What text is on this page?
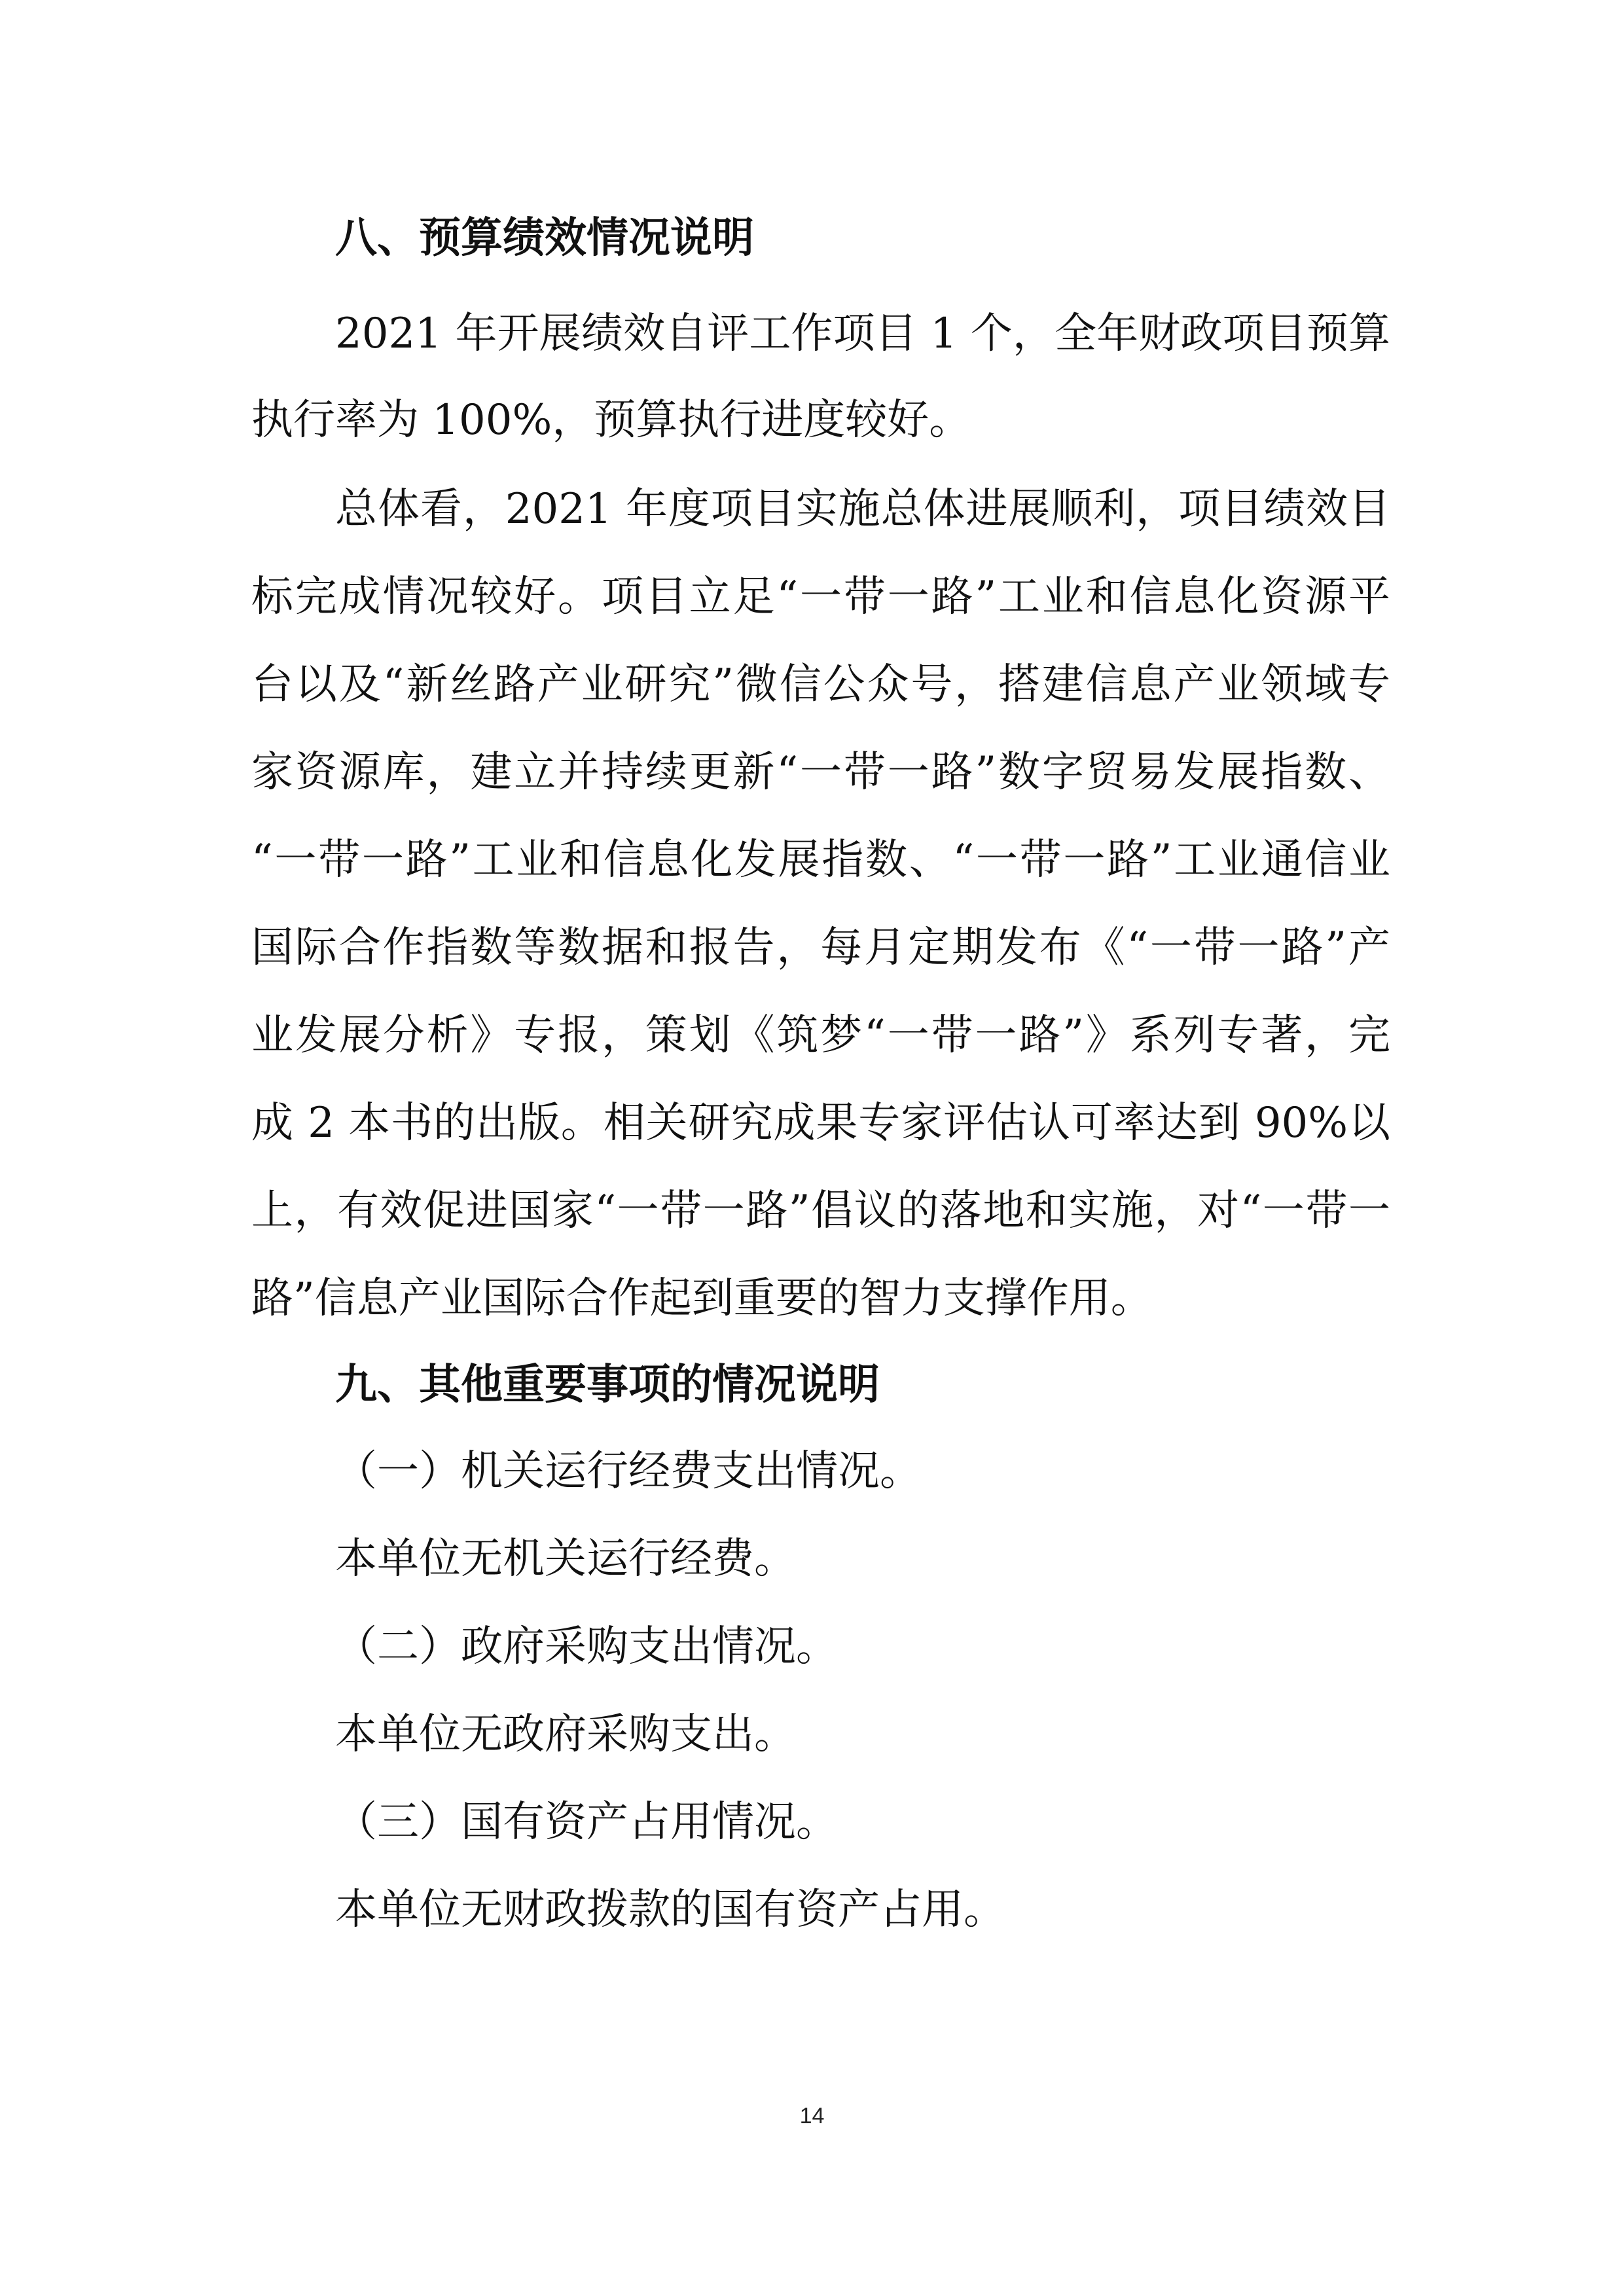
八、预算绩效情况说明
2021 年开展绩效自评工作项目 1 个，全年财政项目预算
执行率为 100%，预算执行进度较好。
总体看，2021 年度项目实施总体进展顺利，项目绩效目
标完成情况较好。项目立足“一带一路”工业和信息化资源平
台以及“新丝路产业研究”微信公众号，搭建信息产业领域专
家资源库，建立并持续更新“一带一路”数字贸易发展指数、
“一带一路”工业和信息化发展指数、“一带一路”工业通信业
国际合作指数等数据和报告，每月定期发布《“一带一路”产
业发展分析》专报，策划《筑梦“一带一路”》系列专著，完
成 2 本书的出版。相关研究成果专家评估认可率达到 90%以
上，有效促进国家“一带一路”倡议的落地和实施，对“一带一
路”信息产业国际合作起到重要的智力支撑作用。
九、其他重要事项的情况说明
（一）机关运行经费支出情况。
本单位无机关运行经费。
（二）政府采购支出情况。
本单位无政府采购支出。
（三）国有资产占用情况。
本单位无财政拨款的国有资产占用。
14
